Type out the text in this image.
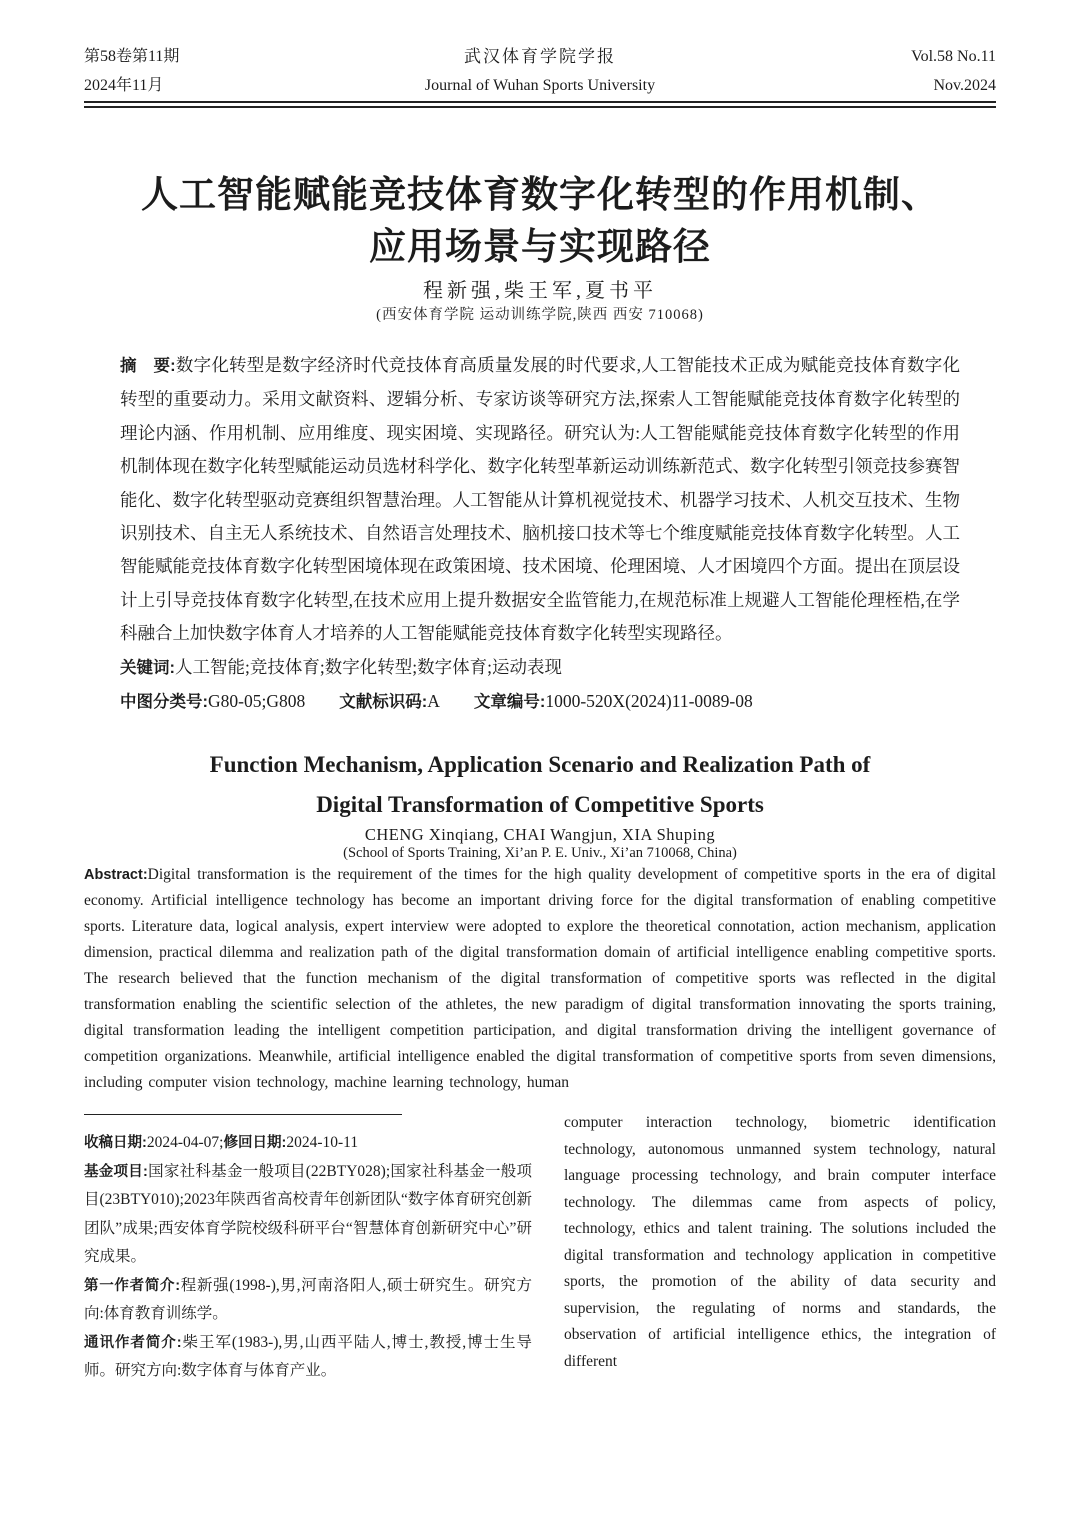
第58卷第11期
2024年11月
武汉体育学院学报
Journal of Wuhan Sports University
Vol.58 No.11
Nov.2024
人工智能赋能竞技体育数字化转型的作用机制、
应用场景与实现路径

程新强,柴王军,夏书平

(西安体育学院 运动训练学院,陕西 西安 710068)

摘　要:数字化转型是数字经济时代竞技体育高质量发展的时代要求,人工智能技术正成为赋能竞技体育数字化转型的重要动力。采用文献资料、逻辑分析、专家访谈等研究方法,探索人工智能赋能竞技体育数字化转型的理论内涵、作用机制、应用维度、现实困境、实现路径。研究认为:人工智能赋能竞技体育数字化转型的作用机制体现在数字化转型赋能运动员选材科学化、数字化转型革新运动训练新范式、数字化转型引领竞技参赛智能化、数字化转型驱动竞赛组织智慧治理。人工智能从计算机视觉技术、机器学习技术、人机交互技术、生物识别技术、自主无人系统技术、自然语言处理技术、脑机接口技术等七个维度赋能竞技体育数字化转型。人工智能赋能竞技体育数字化转型困境体现在政策困境、技术困境、伦理困境、人才困境四个方面。提出在顶层设计上引导竞技体育数字化转型,在技术应用上提升数据安全监管能力,在规范标准上规避人工智能伦理桎梏,在学科融合上加快数字体育人才培养的人工智能赋能竞技体育数字化转型实现路径。

关键词:人工智能;竞技体育;数字化转型;数字体育;运动表现

中图分类号:G80-05;G808 文献标识码:A 文章编号:1000-520X(2024)11-0089-08

Function Mechanism, Application Scenario and Realization Path of
Digital Transformation of Competitive Sports

CHENG Xinqiang, CHAI Wangjun, XIA Shuping

(School of Sports Training, Xi’an P. E. Univ., Xi’an 710068, China)

Abstract:Digital transformation is the requirement of the times for the high quality development of competitive sports in the era of digital economy. Artificial intelligence technology has become an important driving force for the digital transformation of enabling competitive sports. Literature data, logical analysis, expert interview were adopted to explore the theoretical connotation, action mechanism, application dimension, practical dilemma and realization path of the digital transformation domain of artificial intelligence enabling competitive sports. The research believed that the function mechanism of the digital transformation of competitive sports was reflected in the digital transformation enabling the scientific selection of the athletes, the new paradigm of digital transformation innovating the sports training, digital transformation leading the intelligent competition participation, and digital transformation driving the intelligent governance of competition organizations. Meanwhile, artificial intelligence enabled the digital transformation of competitive sports from seven dimensions, including computer vision technology, machine learning technology, human

收稿日期:2024-04-07;修回日期:2024-10-11

基金项目:国家社科基金一般项目(22BTY028);国家社科基金一般项目(23BTY010);2023年陕西省高校青年创新团队“数字体育研究创新团队”成果;西安体育学院校级科研平台“智慧体育创新研究中心”研究成果。

第一作者简介:程新强(1998-),男,河南洛阳人,硕士研究生。研究方向:体育教育训练学。

通讯作者简介:柴王军(1983-),男,山西平陆人,博士,教授,博士生导师。研究方向:数字体育与体育产业。

computer interaction technology, biometric identification technology, autonomous unmanned system technology, natural language processing technology, and brain computer interface technology. The dilemmas came from aspects of policy, technology, ethics and talent training. The solutions included the digital transformation and technology application in competitive sports, the promotion of the ability of data security and supervision, the regulating of norms and standards, the observation of artificial intelligence ethics, the integration of different
